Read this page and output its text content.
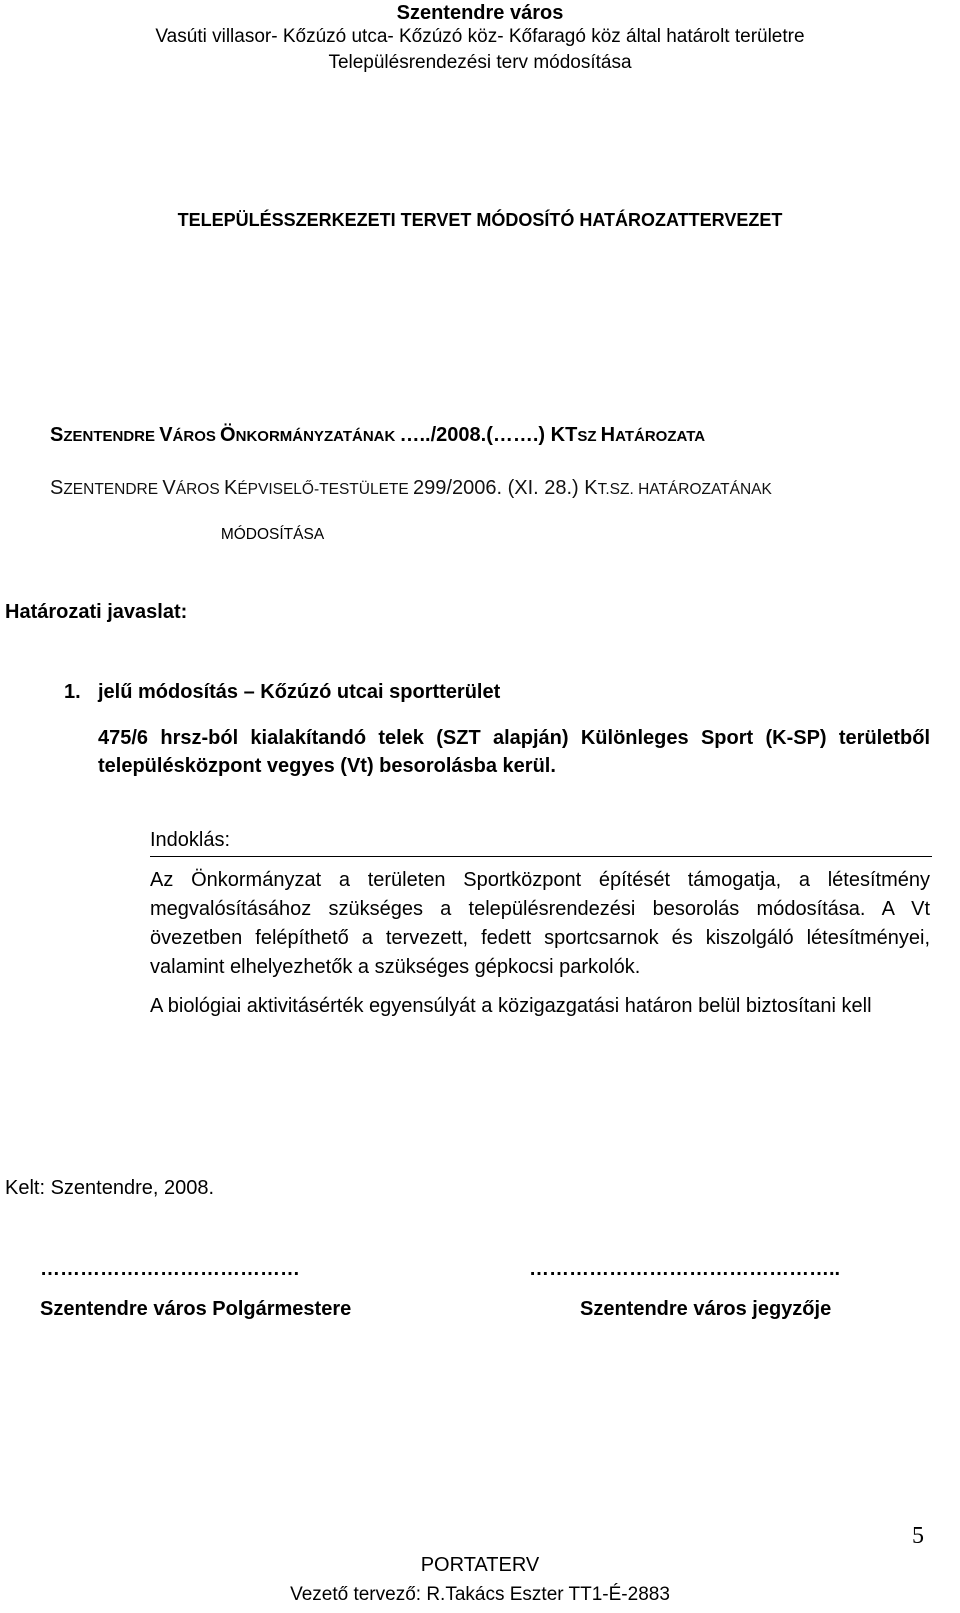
Szentendre város
Vasúti villasor- Kőzúzó utca- Kőzúzó köz- Kőfaragó köz által határolt területre
Településrendezési terv módosítása
TELEPÜLÉSSZERKEZETI TERVET MÓDOSÍTÓ HATÁROZATTERVEZET
SZENTENDRE VÁROS ÖNKORMÁNYZATÁNAK …../2008.(…….) KTSZ HATÁROZATA
SZENTENDRE VÁROS KÉPVISELŐ-TESTÜLETE 299/2006. (XI. 28.) KT.SZ. HATÁROZATÁNAK
MÓDOSÍTÁSA
Határozati javaslat:
1. jelű módosítás – Kőzúzó utcai sportterület
475/6 hrsz-ból kialakítandó telek (SZT alapján) Különleges Sport (K-SP) területből településközpont vegyes (Vt) besorolásba kerül.
Indoklás:

Az Önkormányzat a területen Sportközpont építését támogatja, a létesítmény megvalósításához szükséges a településrendezési besorolás módosítása. A Vt övezetben felépíthető a tervezett, fedett sportcsarnok és kiszolgáló létesítményei, valamint elhelyezhetők a szükséges gépkocsi parkolók.

A biológiai aktivitásérték egyensúlyát a közigazgatási határon belül biztosítani kell

Kelt: Szentendre, 2008.
…………………………………	………………………………………..
Szentendre város Polgármestere	Szentendre város jegyzője
5
PORTATERV
Vezető tervező: R.Takács Eszter TT1-É-2883
